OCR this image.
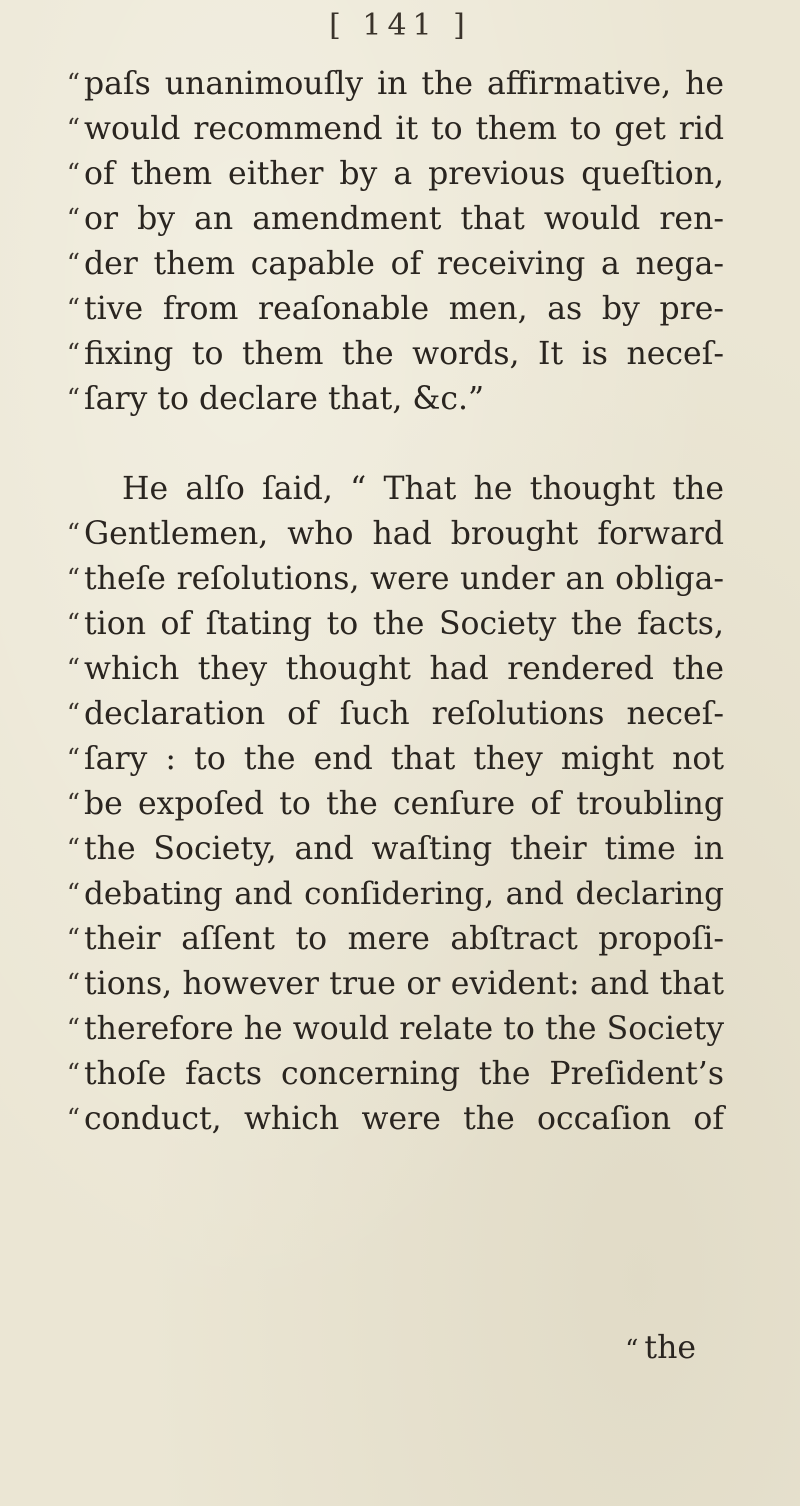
[ 141 ]
“ paſs unanimouſly in the affirmative, he
“ would recommend it to them to get rid
“ of them either by a previous queſtion,
“ or by an amendment that would ren-
“ der them capable of receiving a nega-
“ tive from reaſonable men, as by pre-
“ fixing to them the words, It is neceſ-
“ ſary to declare that, &c.”
He alſo ſaid, “ That he thought the
“ Gentlemen, who had brought forward
“ theſe reſolutions, were under an obliga-
“ tion of ſtating to the Society the facts,
“ which they thought had rendered the
“ declaration of ſuch reſolutions neceſ-
“ ſary : to the end that they might not
“ be expoſed to the cenſure of troubling
“ the Society, and waſting their time in
“ debating and conſidering, and declaring
“ their aſſent to mere abſtract propoſi-
“ tions, however true or evident: and that
“ therefore he would relate to the Society
“ thoſe facts concerning the Preſident’s
“ conduct, which were the occaſion of
“ the
